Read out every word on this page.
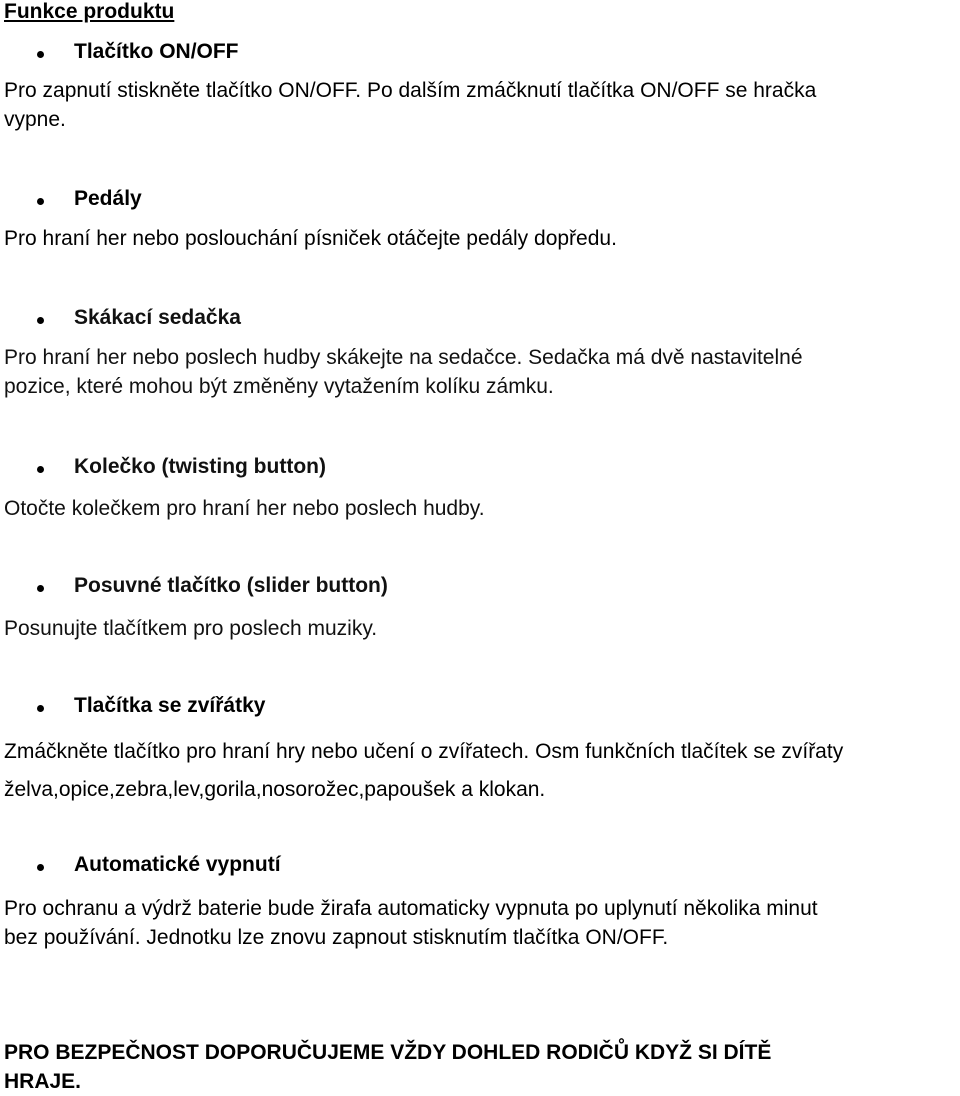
Funkce produktu
Tlačítko ON/OFF
Pro zapnutí stiskněte tlačítko ON/OFF. Po dalším zmáčknutí tlačítka ON/OFF se hračka
vypne.
Pedály
Pro hraní her nebo poslouchání písniček otáčejte pedály dopředu.
Skákací sedačka
Pro hraní her nebo poslech hudby skákejte na sedačce. Sedačka má dvě nastavitelné
pozice, které mohou být změněny vytažením kolíku zámku.
Kolečko (twisting button)
Otočte kolečkem pro hraní her nebo poslech hudby.
Posuvné tlačítko (slider button)
Posunujte tlačítkem pro poslech muziky.
Tlačítka se zvířátky
Zmáčkněte tlačítko pro hraní hry nebo učení o zvířatech. Osm funkčních tlačítek se zvířaty
želva,opice,zebra,lev,gorila,nosorožec,papoušek a klokan.
Automatické vypnutí
Pro ochranu a výdrž baterie bude žirafa automaticky vypnuta po uplynutí několika minut
bez používání. Jednotku lze znovu zapnout stisknutím tlačítka ON/OFF.
PRO BEZPEČNOST DOPORUČUJEME VŽDY DOHLED RODIČŮ KDYŽ SI DÍTĚ
HRAJE.
